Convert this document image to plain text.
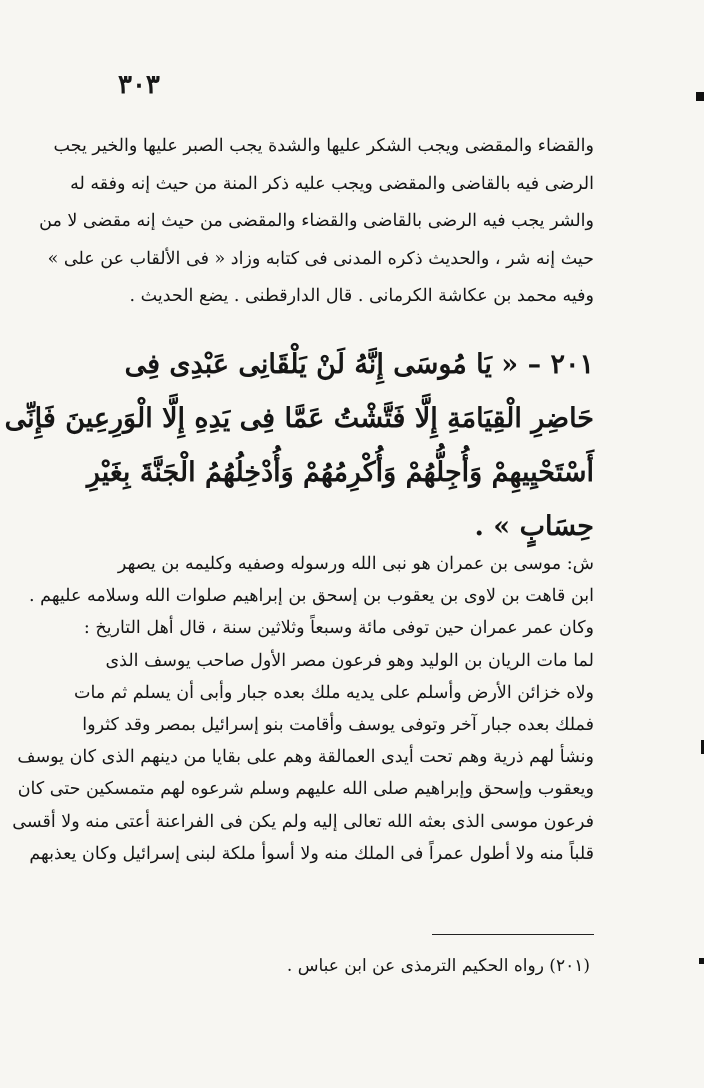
٣٠٣
والقضاء والمقضى ويجب الشكر عليها والشدة يجب الصبر عليها والخير يجب
الرضى فيه بالقاضى والمقضى ويجب عليه ذكر المنة من حيث إنه وفقه له
والشر يجب فيه الرضى بالقاضى والقضاء والمقضى من حيث إنه مقضى لا من
حيث إنه شر ، والحديث ذكره المدنى فى كتابه وزاد « فى الألقاب عن على »
وفيه محمد بن عكاشة الكرمانى . قال الدارقطنى . يضع الحديث .
٢٠١ – « يَا مُوسَى إِنَّهُ لَنْ يَلْقَانِى عَبْدِى فِى
حَاضِرِ الْقِيَامَةِ إِلَّا فَتَّشْتُ عَمَّا فِى يَدِهِ إِلَّا الْوَرِعِينَ فَإِنِّى
أَسْتَحْيِيهِمْ وَأُجِلُّهُمْ وَأُكْرِمُهُمْ وَأُدْخِلُهُمُ الْجَنَّةَ بِغَيْرِ
حِسَابٍ » .
ش: موسى بن عمران هو نبى الله ورسوله وصفيه وكليمه بن يصهر
ابن قاهت بن لاوى بن يعقوب بن إسحق بن إبراهيم صلوات الله وسلامه عليهم .
وكان عمر عمران حين توفى مائة وسبعاً وثلاثين سنة ، قال أهل التاريخ :
لما مات الريان بن الوليد وهو فرعون مصر الأول صاحب يوسف الذى
ولاه خزائن الأرض وأسلم على يديه ملك بعده جبار وأبى أن يسلم ثم مات
فملك بعده جبار آخر وتوفى يوسف وأقامت بنو إسرائيل بمصر وقد كثروا
ونشأ لهم ذرية وهم تحت أيدى العمالقة وهم على بقايا من دينهم الذى كان يوسف
ويعقوب وإسحق وإبراهيم صلى الله عليهم وسلم شرعوه لهم متمسكين حتى كان
فرعون موسى الذى بعثه الله تعالى إليه ولم يكن فى الفراعنة أعتى منه ولا أقسى
قلباً منه ولا أطول عمراً فى الملك منه ولا أسوأ ملكة لبنى إسرائيل وكان يعذبهم
(٢٠١) رواه الحكيم الترمذى عن ابن عباس .
